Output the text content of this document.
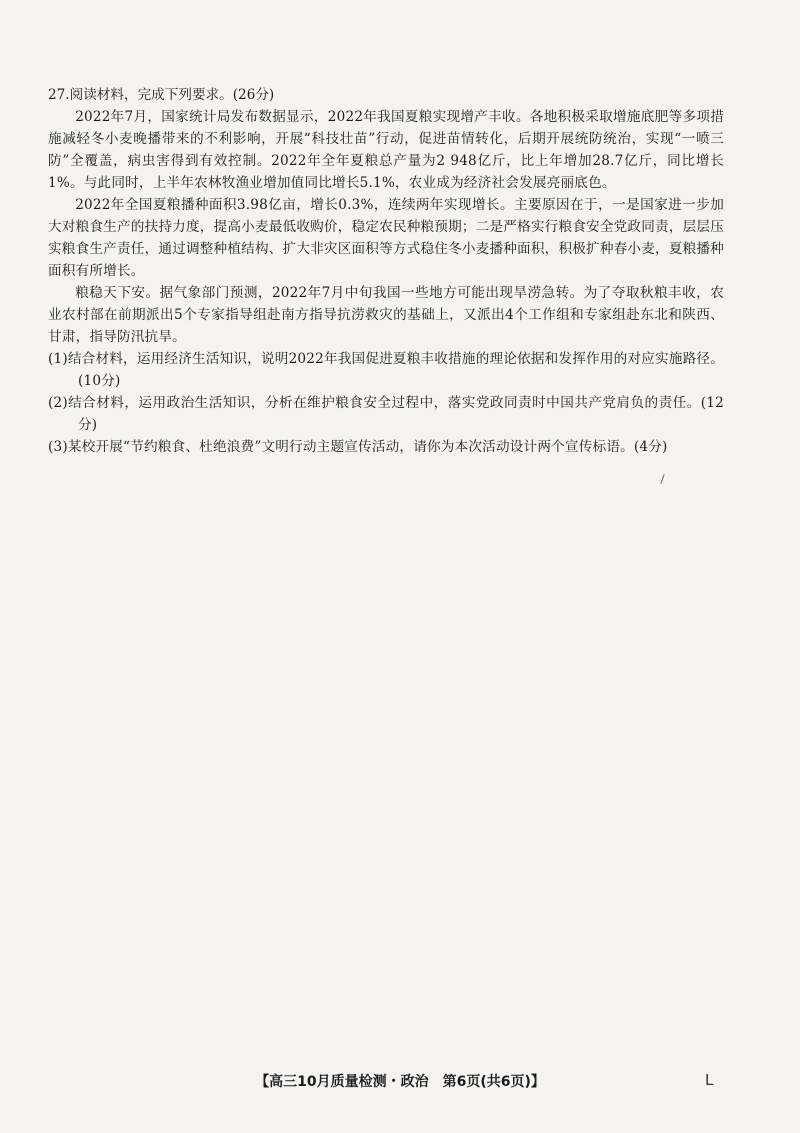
27.阅读材料，完成下列要求。(26分)

2022年7月，国家统计局发布数据显示，2022年我国夏粮实现增产丰收。各地积极采取增施底肥等多项措施减轻冬小麦晚播带来的不利影响，开展“科技壮苗”行动，促进苗情转化，后期开展统防统治，实现“一喷三防”全覆盖，病虫害得到有效控制。2022年全年夏粮总产量为2 948亿斤，比上年增加28.7亿斤，同比增长1%。与此同时，上半年农林牧渔业增加值同比增长5.1%，农业成为经济社会发展亮丽底色。

2022年全国夏粮播种面积3.98亿亩，增长0.3%，连续两年实现增长。主要原因在于，一是国家进一步加大对粮食生产的扶持力度，提高小麦最低收购价，稳定农民种粮预期；二是严格实行粮食安全党政同责，层层压实粮食生产责任，通过调整种植结构、扩大非灾区面积等方式稳住冬小麦播种面积，积极扩种春小麦，夏粮播种面积有所增长。

粮稳天下安。据气象部门预测，2022年7月中旬我国一些地方可能出现旱涝急转。为了夺取秋粮丰收，农业农村部在前期派出5个专家指导组赴南方指导抗涝救灾的基础上，又派出4个工作组和专家组赴东北和陕西、甘肃，指导防汛抗旱。

(1)结合材料，运用经济生活知识，说明2022年我国促进夏粮丰收措施的理论依据和发挥作用的对应实施路径。(10分)

(2)结合材料，运用政治生活知识，分析在维护粮食安全过程中，落实党政同责时中国共产党肩负的责任。(12分)

(3)某校开展“节约粮食、杜绝浪费”文明行动主题宣传活动，请你为本次活动设计两个宣传标语。(4分)

【高三10月质量检测・政治　第6页(共6页)】	L
